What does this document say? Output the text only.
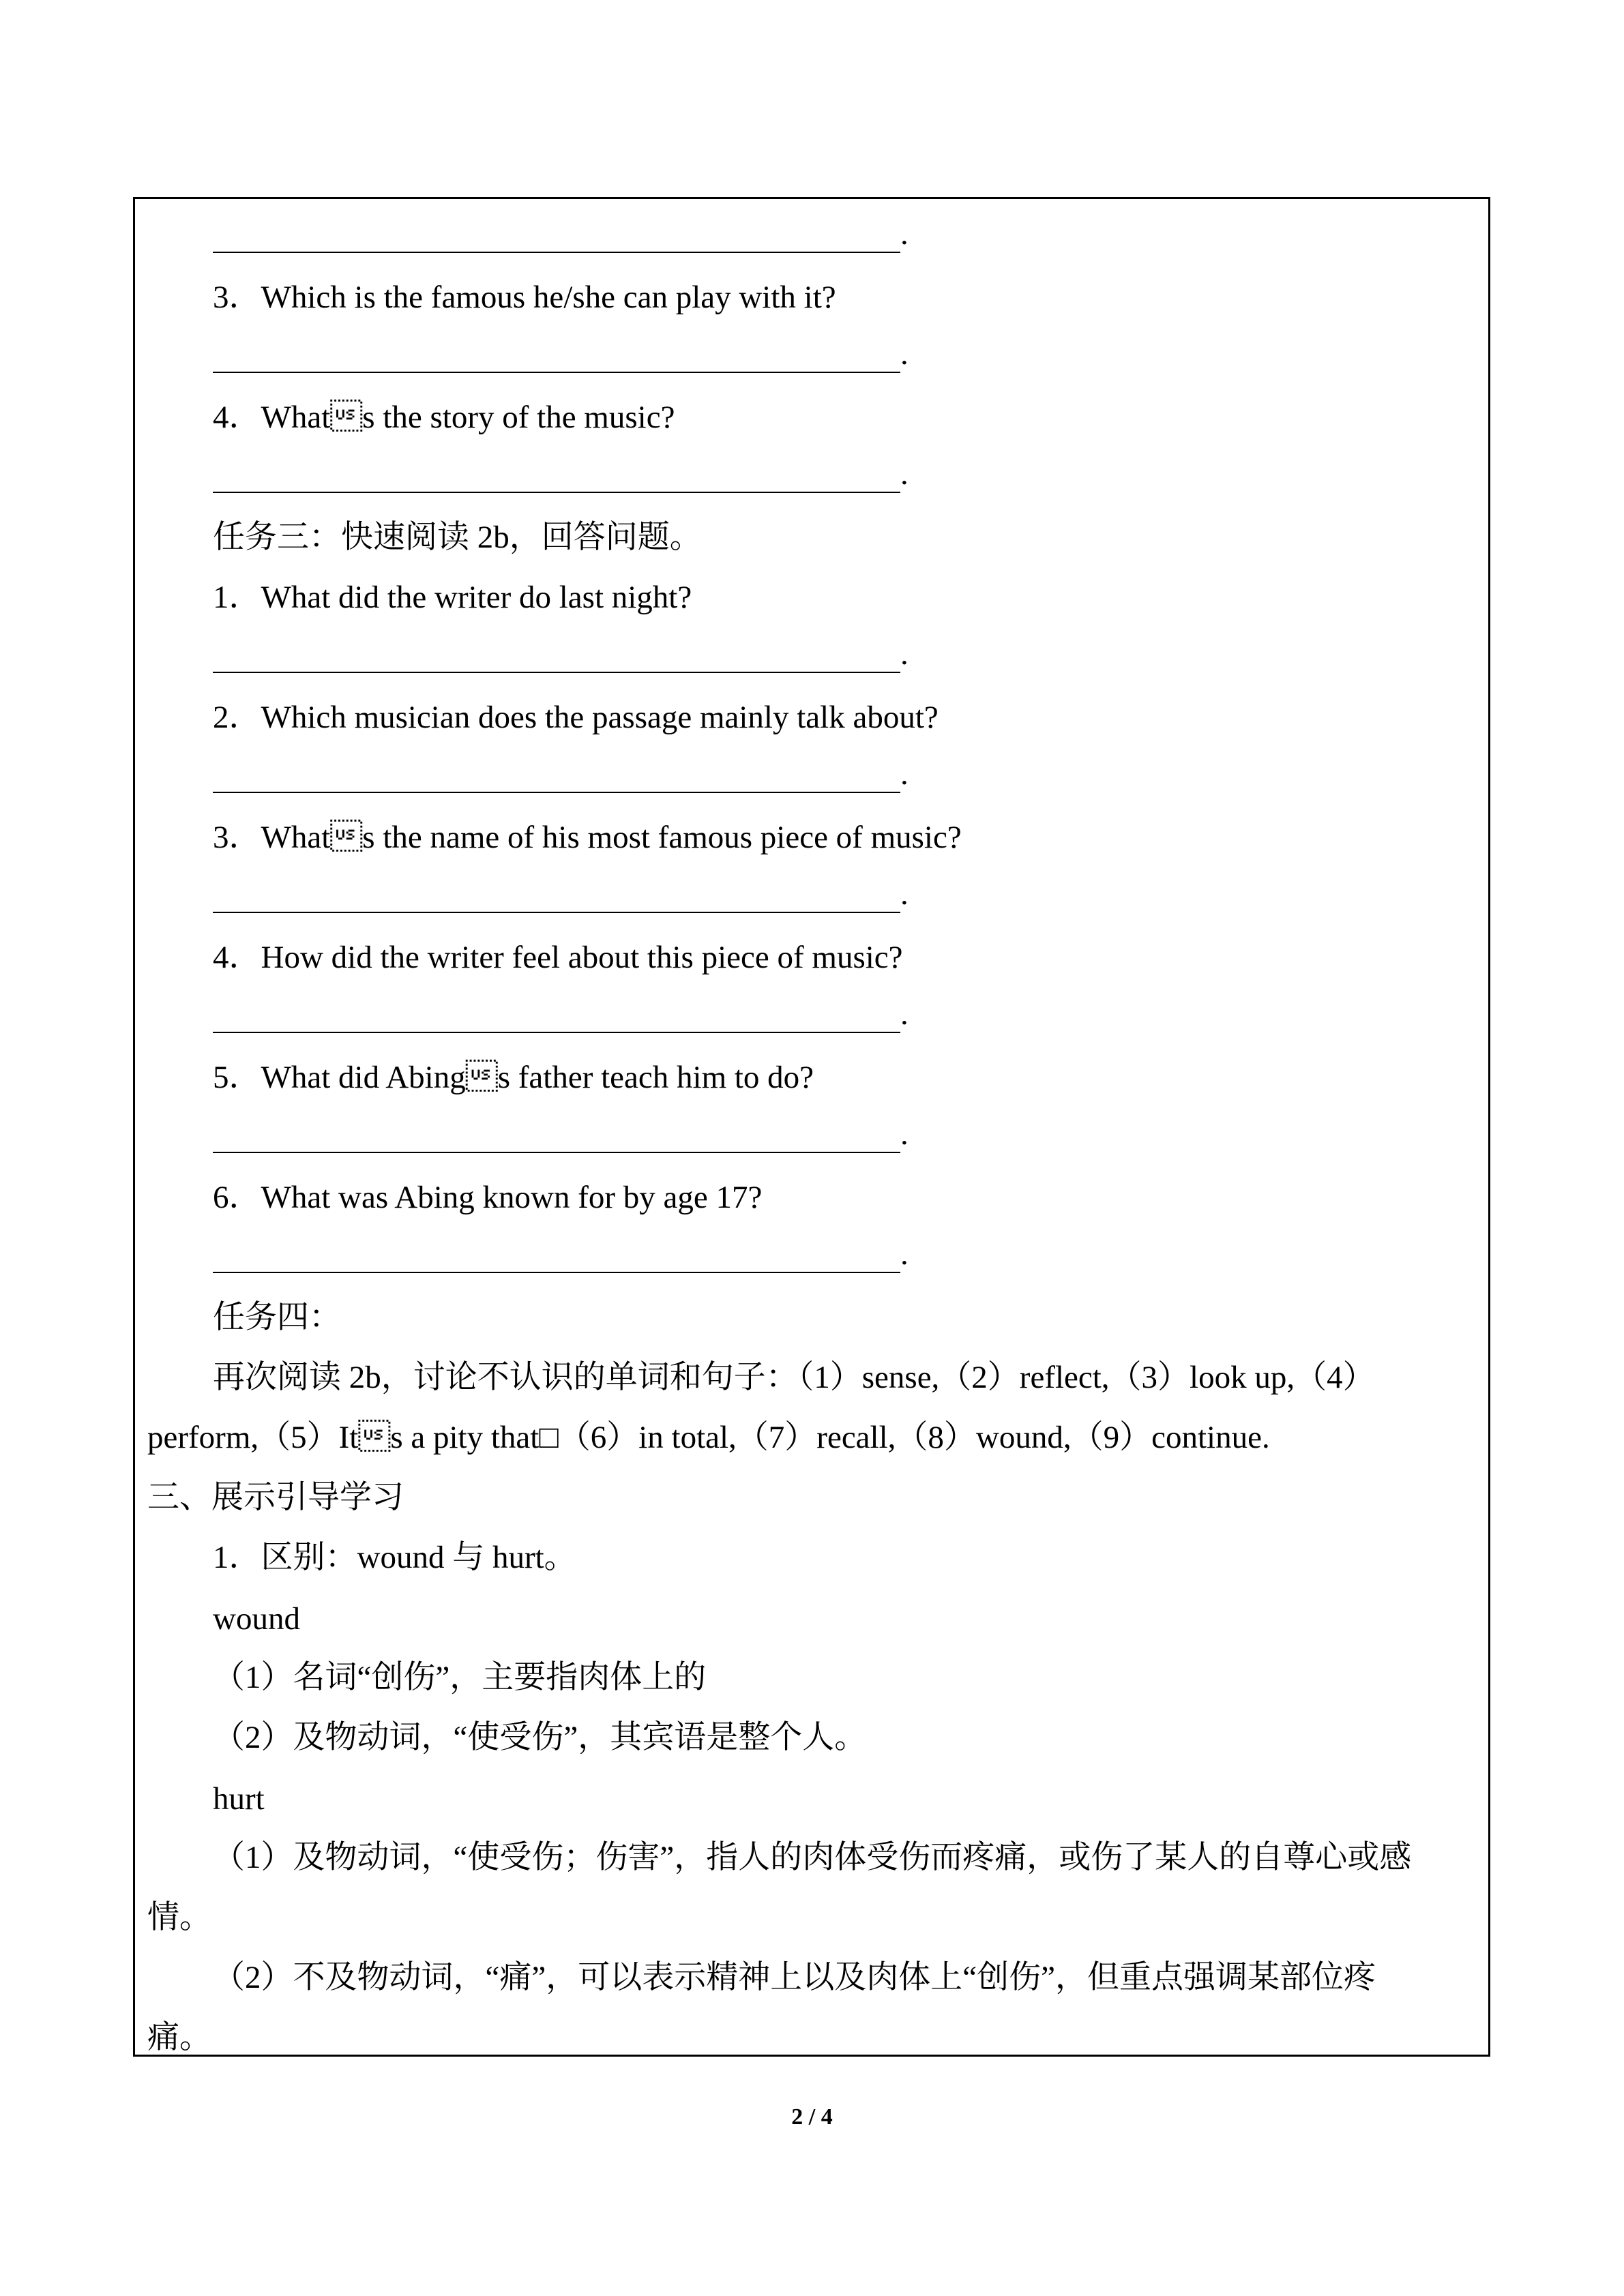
.
3．Which is the famous he/she can play with it?
.
4．Whats the story of the music?
.
任务三：快速阅读 2b，回答问题。
1．What did the writer do last night?
.
2．Which musician does the passage mainly talk about?
.
3．Whats the name of his most famous piece of music?
.
4．How did the writer feel about this piece of music?
.
5．What did Abings father teach him to do?
.
6．What was Abing known for by age 17?
.
任务四：
再次阅读 2b，讨论不认识的单词和句子：（1）sense,（2）reflect,（3）look up,（4）
perform,（5）Its a pity that□（6）in total,（7）recall,（8）wound,（9）continue.
三、展示引导学习
1．区别：wound 与 hurt。
wound
（1）名词“创伤”，主要指肉体上的
（2）及物动词，“使受伤”，其宾语是整个人。
hurt
（1）及物动词，“使受伤；伤害”，指人的肉体受伤而疼痛，或伤了某人的自尊心或感
情。
（2）不及物动词，“痛”，可以表示精神上以及肉体上“创伤”，但重点强调某部位疼
痛。
2 / 4
